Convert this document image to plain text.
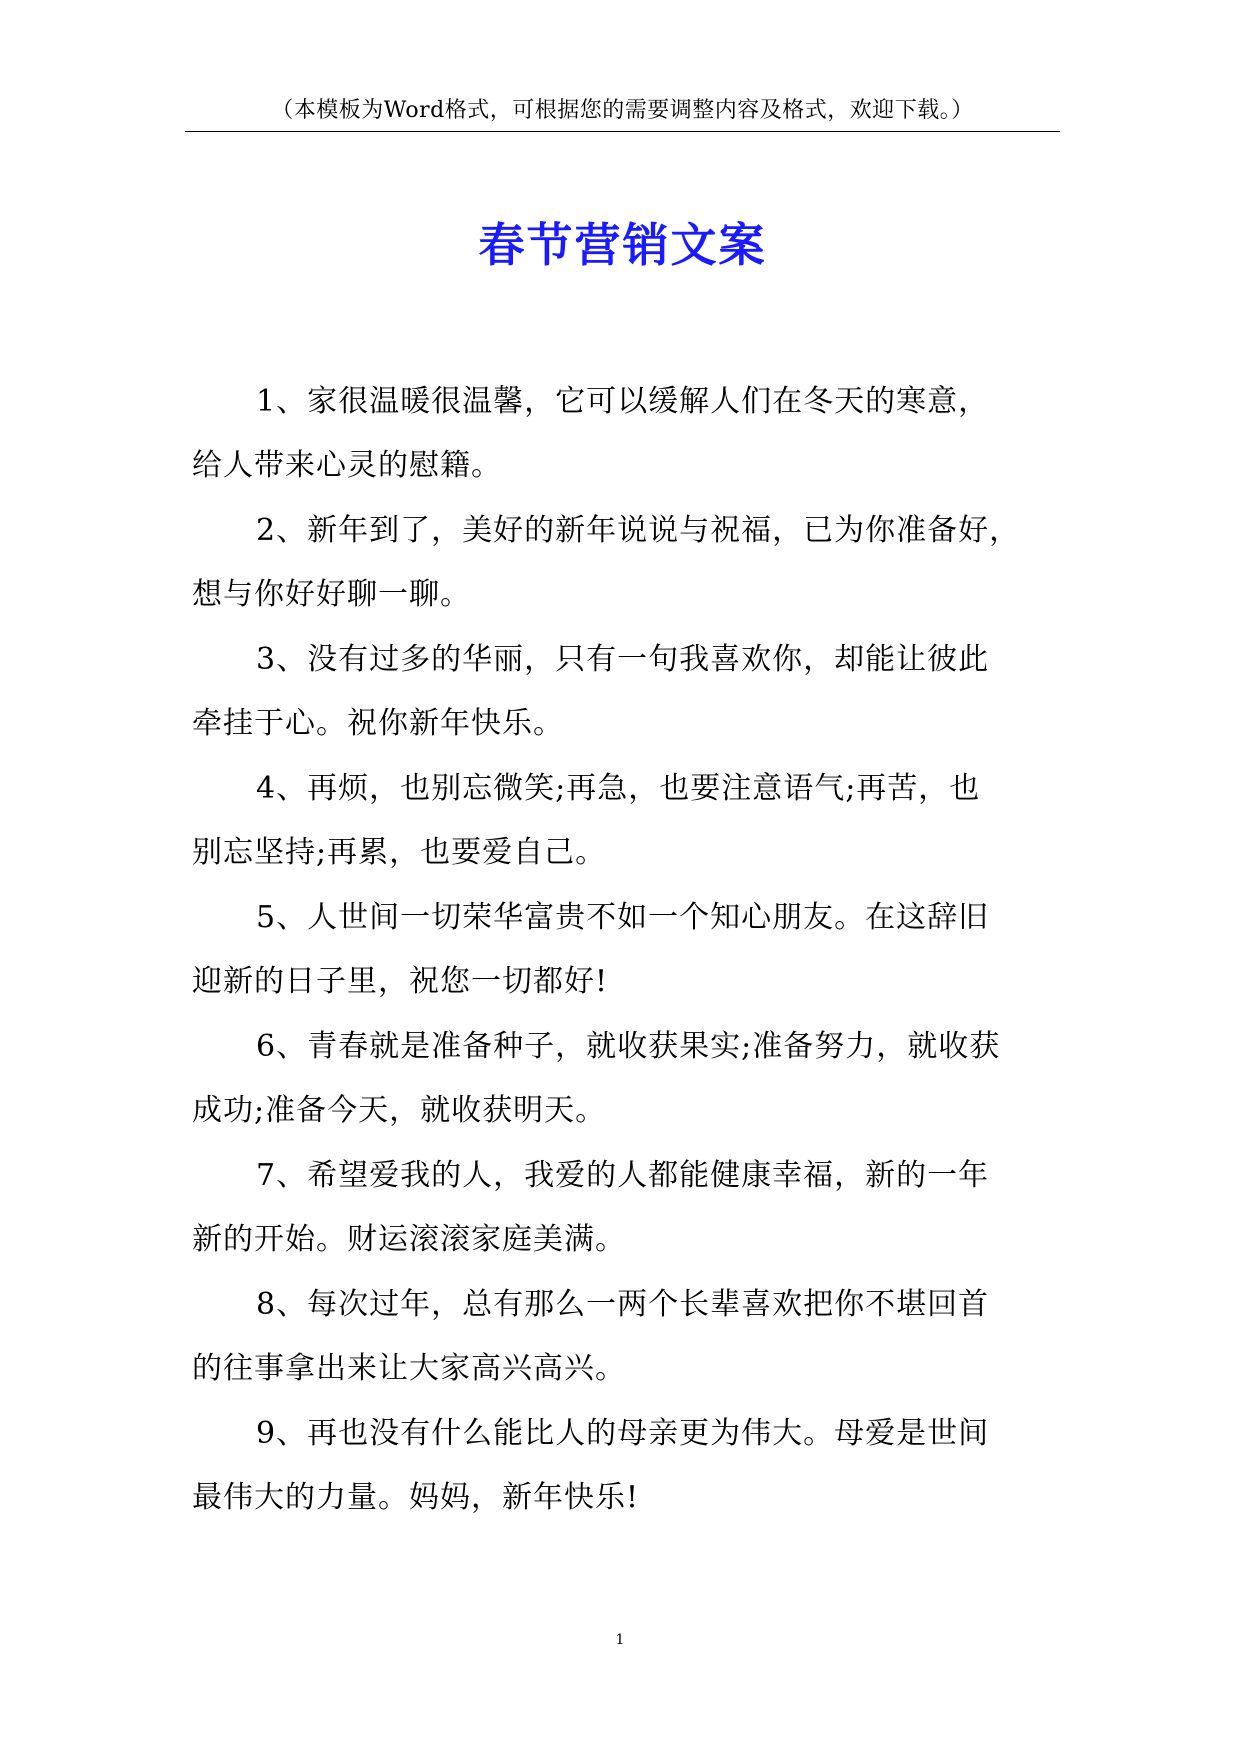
（本模板为Word格式，可根据您的需要调整内容及格式，欢迎下载。）
春节营销文案
1、家很温暖很温馨，它可以缓解人们在冬天的寒意，
给人带来心灵的慰籍。
2、新年到了，美好的新年说说与祝福，已为你准备好，
想与你好好聊一聊。
3、没有过多的华丽，只有一句我喜欢你，却能让彼此
牵挂于心。祝你新年快乐。
4、再烦，也别忘微笑;再急，也要注意语气;再苦，也
别忘坚持;再累，也要爱自己。
5、人世间一切荣华富贵不如一个知心朋友。在这辞旧
迎新的日子里，祝您一切都好!
6、青春就是准备种子，就收获果实;准备努力，就收获
成功;准备今天，就收获明天。
7、希望爱我的人，我爱的人都能健康幸福，新的一年
新的开始。财运滚滚家庭美满。
8、每次过年，总有那么一两个长辈喜欢把你不堪回首
的往事拿出来让大家高兴高兴。
9、再也没有什么能比人的母亲更为伟大。母爱是世间
最伟大的力量。妈妈，新年快乐!
1
